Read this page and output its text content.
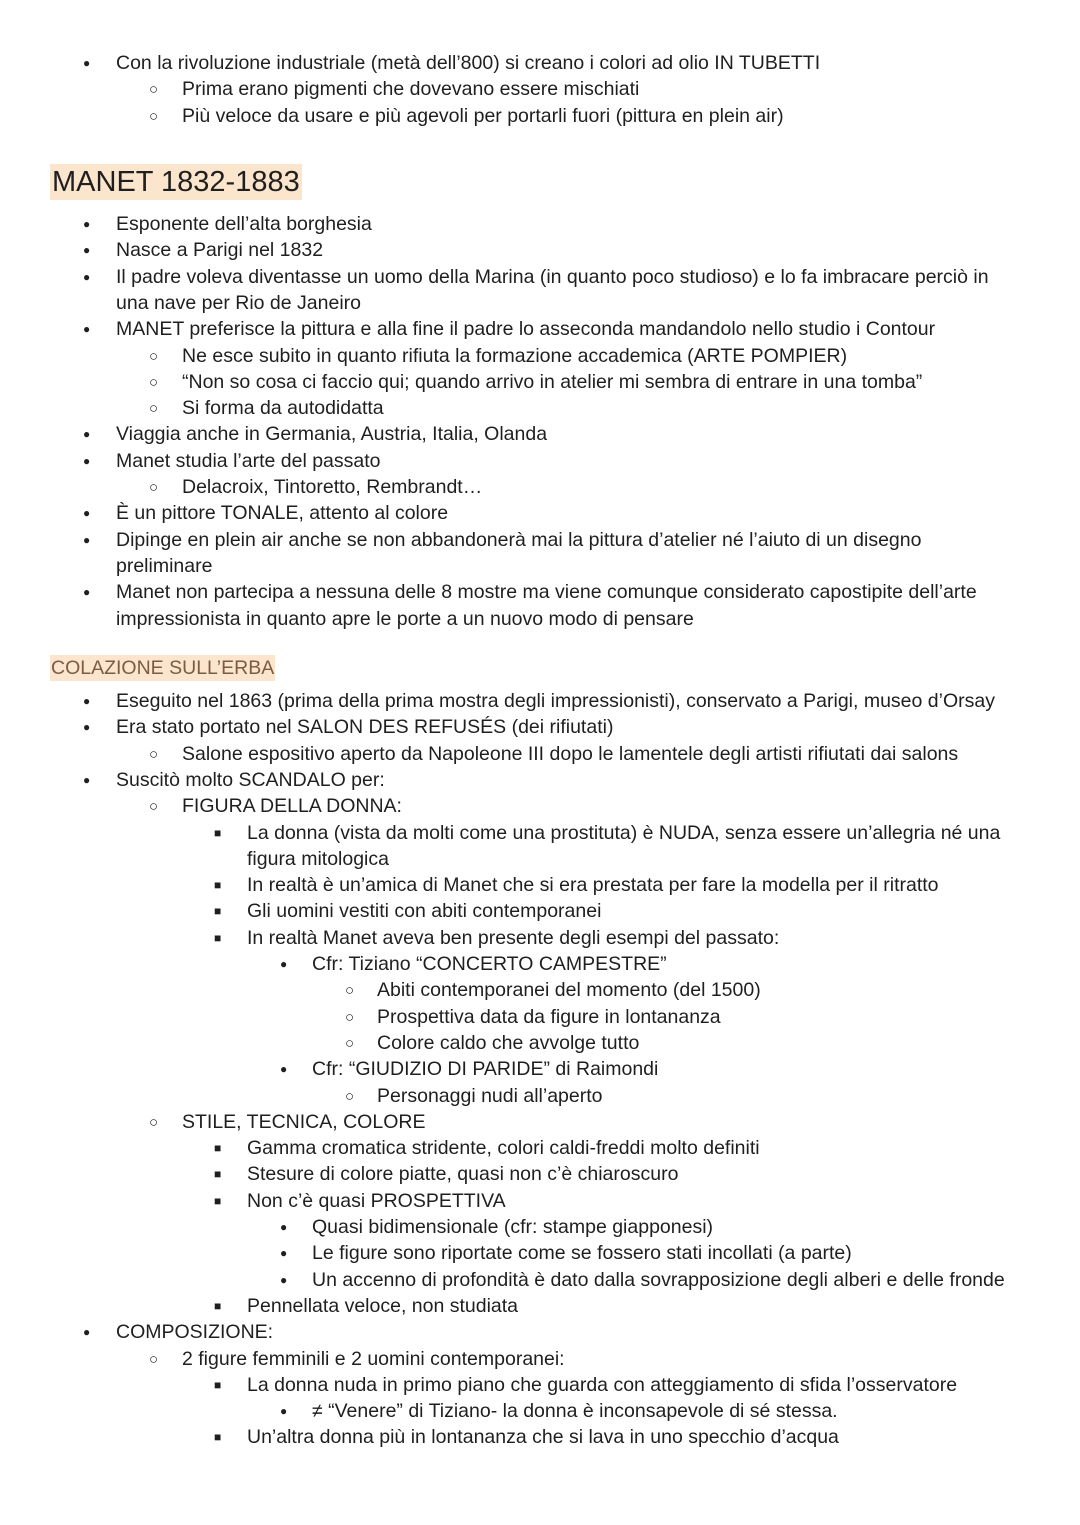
●
Con la rivoluzione industriale (metà dell’800) si creano i colori ad olio IN TUBETTI
○
Prima erano pigmenti che dovevano essere mischiati
○
Più veloce da usare e più agevoli per portarli fuori (pittura en plein air)
MANET 1832-1883
●
Esponente dell’alta borghesia
●
Nasce a Parigi nel 1832
●
Il padre voleva diventasse un uomo della Marina (in quanto poco studioso) e lo fa imbracare perciò in
una nave per Rio de Janeiro
●
MANET preferisce la pittura e alla fine il padre lo asseconda mandandolo nello studio i Contour
○
Ne esce subito in quanto rifiuta la formazione accademica (ARTE POMPIER)
○
“Non so cosa ci faccio qui; quando arrivo in atelier mi sembra di entrare in una tomba”
○
Si forma da autodidatta
●
Viaggia anche in Germania, Austria, Italia, Olanda
●
Manet studia l’arte del passato
○
Delacroix, Tintoretto, Rembrandt…
●
È un pittore TONALE, attento al colore
●
Dipinge en plein air anche se non abbandonerà mai la pittura d’atelier né l’aiuto di un disegno
preliminare
●
Manet non partecipa a nessuna delle 8 mostre ma viene comunque considerato capostipite dell’arte
impressionista in quanto apre le porte a un nuovo modo di pensare
COLAZIONE SULL’ERBA
●
Eseguito nel 1863 (prima della prima mostra degli impressionisti), conservato a Parigi, museo d’Orsay
●
Era stato portato nel SALON DES REFUSÉS (dei rifiutati)
○
Salone espositivo aperto da Napoleone III dopo le lamentele degli artisti rifiutati dai salons
●
Suscitò molto SCANDALO per:
○
FIGURA DELLA DONNA:
■
La donna (vista da molti come una prostituta) è NUDA, senza essere un’allegria né una
figura mitologica
■
In realtà è un’amica di Manet che si era prestata per fare la modella per il ritratto
■
Gli uomini vestiti con abiti contemporanei
■
In realtà Manet aveva ben presente degli esempi del passato:
●
Cfr: Tiziano “CONCERTO CAMPESTRE”
○
Abiti contemporanei del momento (del 1500)
○
Prospettiva data da figure in lontananza
○
Colore caldo che avvolge tutto
●
Cfr: “GIUDIZIO DI PARIDE” di Raimondi
○
Personaggi nudi all’aperto
○
STILE, TECNICA, COLORE
■
Gamma cromatica stridente, colori caldi-freddi molto definiti
■
Stesure di colore piatte, quasi non c’è chiaroscuro
■
Non c’è quasi PROSPETTIVA
●
Quasi bidimensionale (cfr: stampe giapponesi)
●
Le figure sono riportate come se fossero stati incollati (a parte)
●
Un accenno di profondità è dato dalla sovrapposizione degli alberi e delle fronde
■
Pennellata veloce, non studiata
●
COMPOSIZIONE:
○
2 figure femminili e 2 uomini contemporanei:
■
La donna nuda in primo piano che guarda con atteggiamento di sfida l’osservatore
●
≠ “Venere” di Tiziano- la donna è inconsapevole di sé stessa.
■
Un’altra donna più in lontananza che si lava in uno specchio d’acqua
